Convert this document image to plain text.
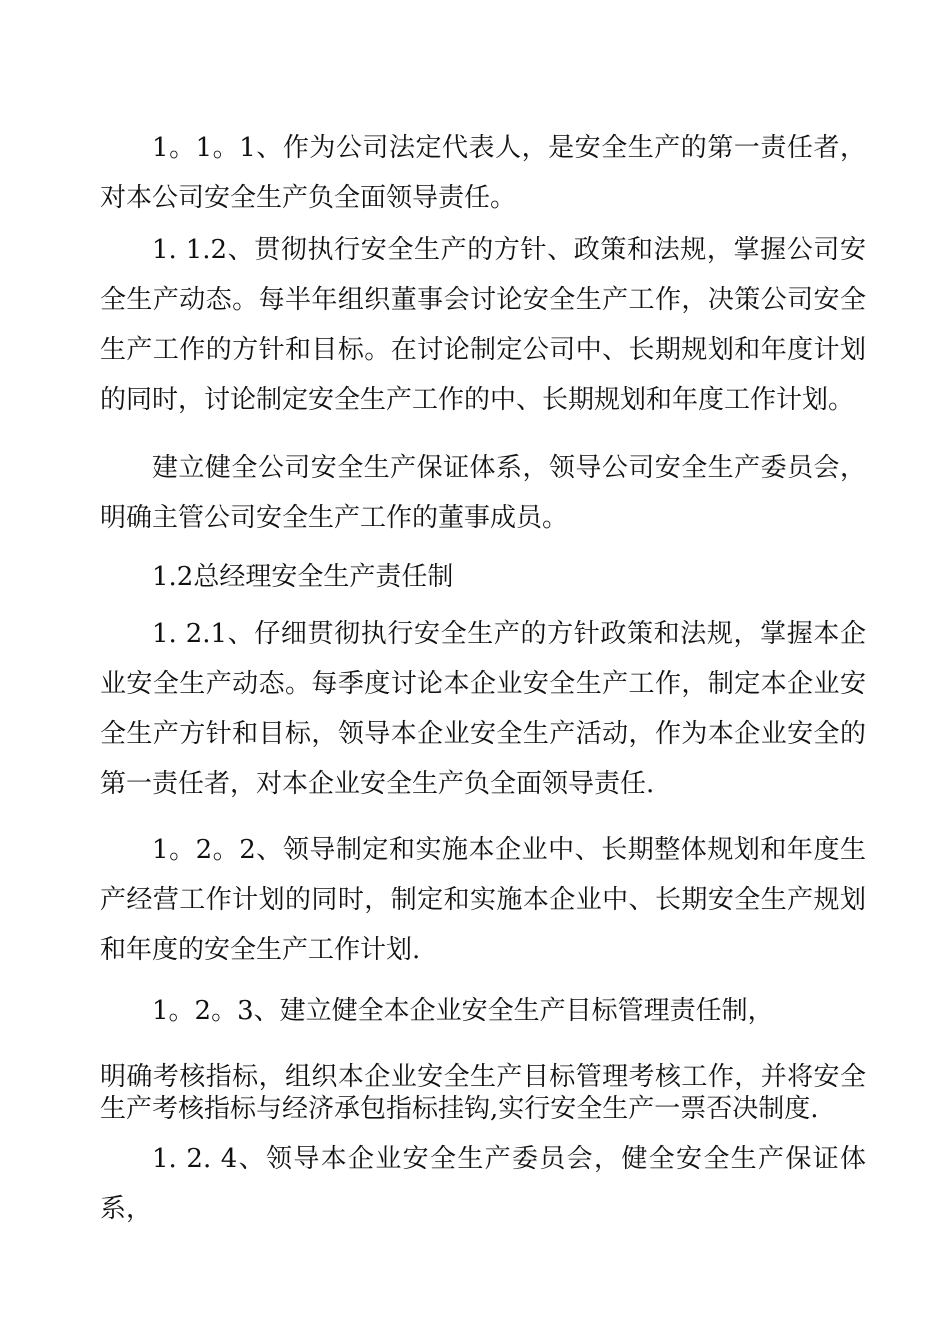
1。1。1、作为公司法定代表人，是安全生产的第一责任者，对本公司安全生产负全面领导责任。

1. 1.2、贯彻执行安全生产的方针、政策和法规，掌握公司安全生产动态。每半年组织董事会讨论安全生产工作，决策公司安全生产工作的方针和目标。在讨论制定公司中、长期规划和年度计划的同时，讨论制定安全生产工作的中、长期规划和年度工作计划。

建立健全公司安全生产保证体系，领导公司安全生产委员会，明确主管公司安全生产工作的董事成员。

1.2总经理安全生产责任制

1. 2.1、仔细贯彻执行安全生产的方针政策和法规，掌握本企业安全生产动态。每季度讨论本企业安全生产工作，制定本企业安全生产方针和目标，领导本企业安全生产活动，作为本企业安全的第一责任者，对本企业安全生产负全面领导责任.

1。2。2、领导制定和实施本企业中、长期整体规划和年度生产经营工作计划的同时，制定和实施本企业中、长期安全生产规划和年度的安全生产工作计划.

1。2。3、建立健全本企业安全生产目标管理责任制，

明确考核指标，组织本企业安全生产目标管理考核工作，并将安全生产考核指标与经济承包指标挂钩,实行安全生产一票否决制度.

1. 2. 4、领导本企业安全生产委员会，健全安全生产保证体系，
